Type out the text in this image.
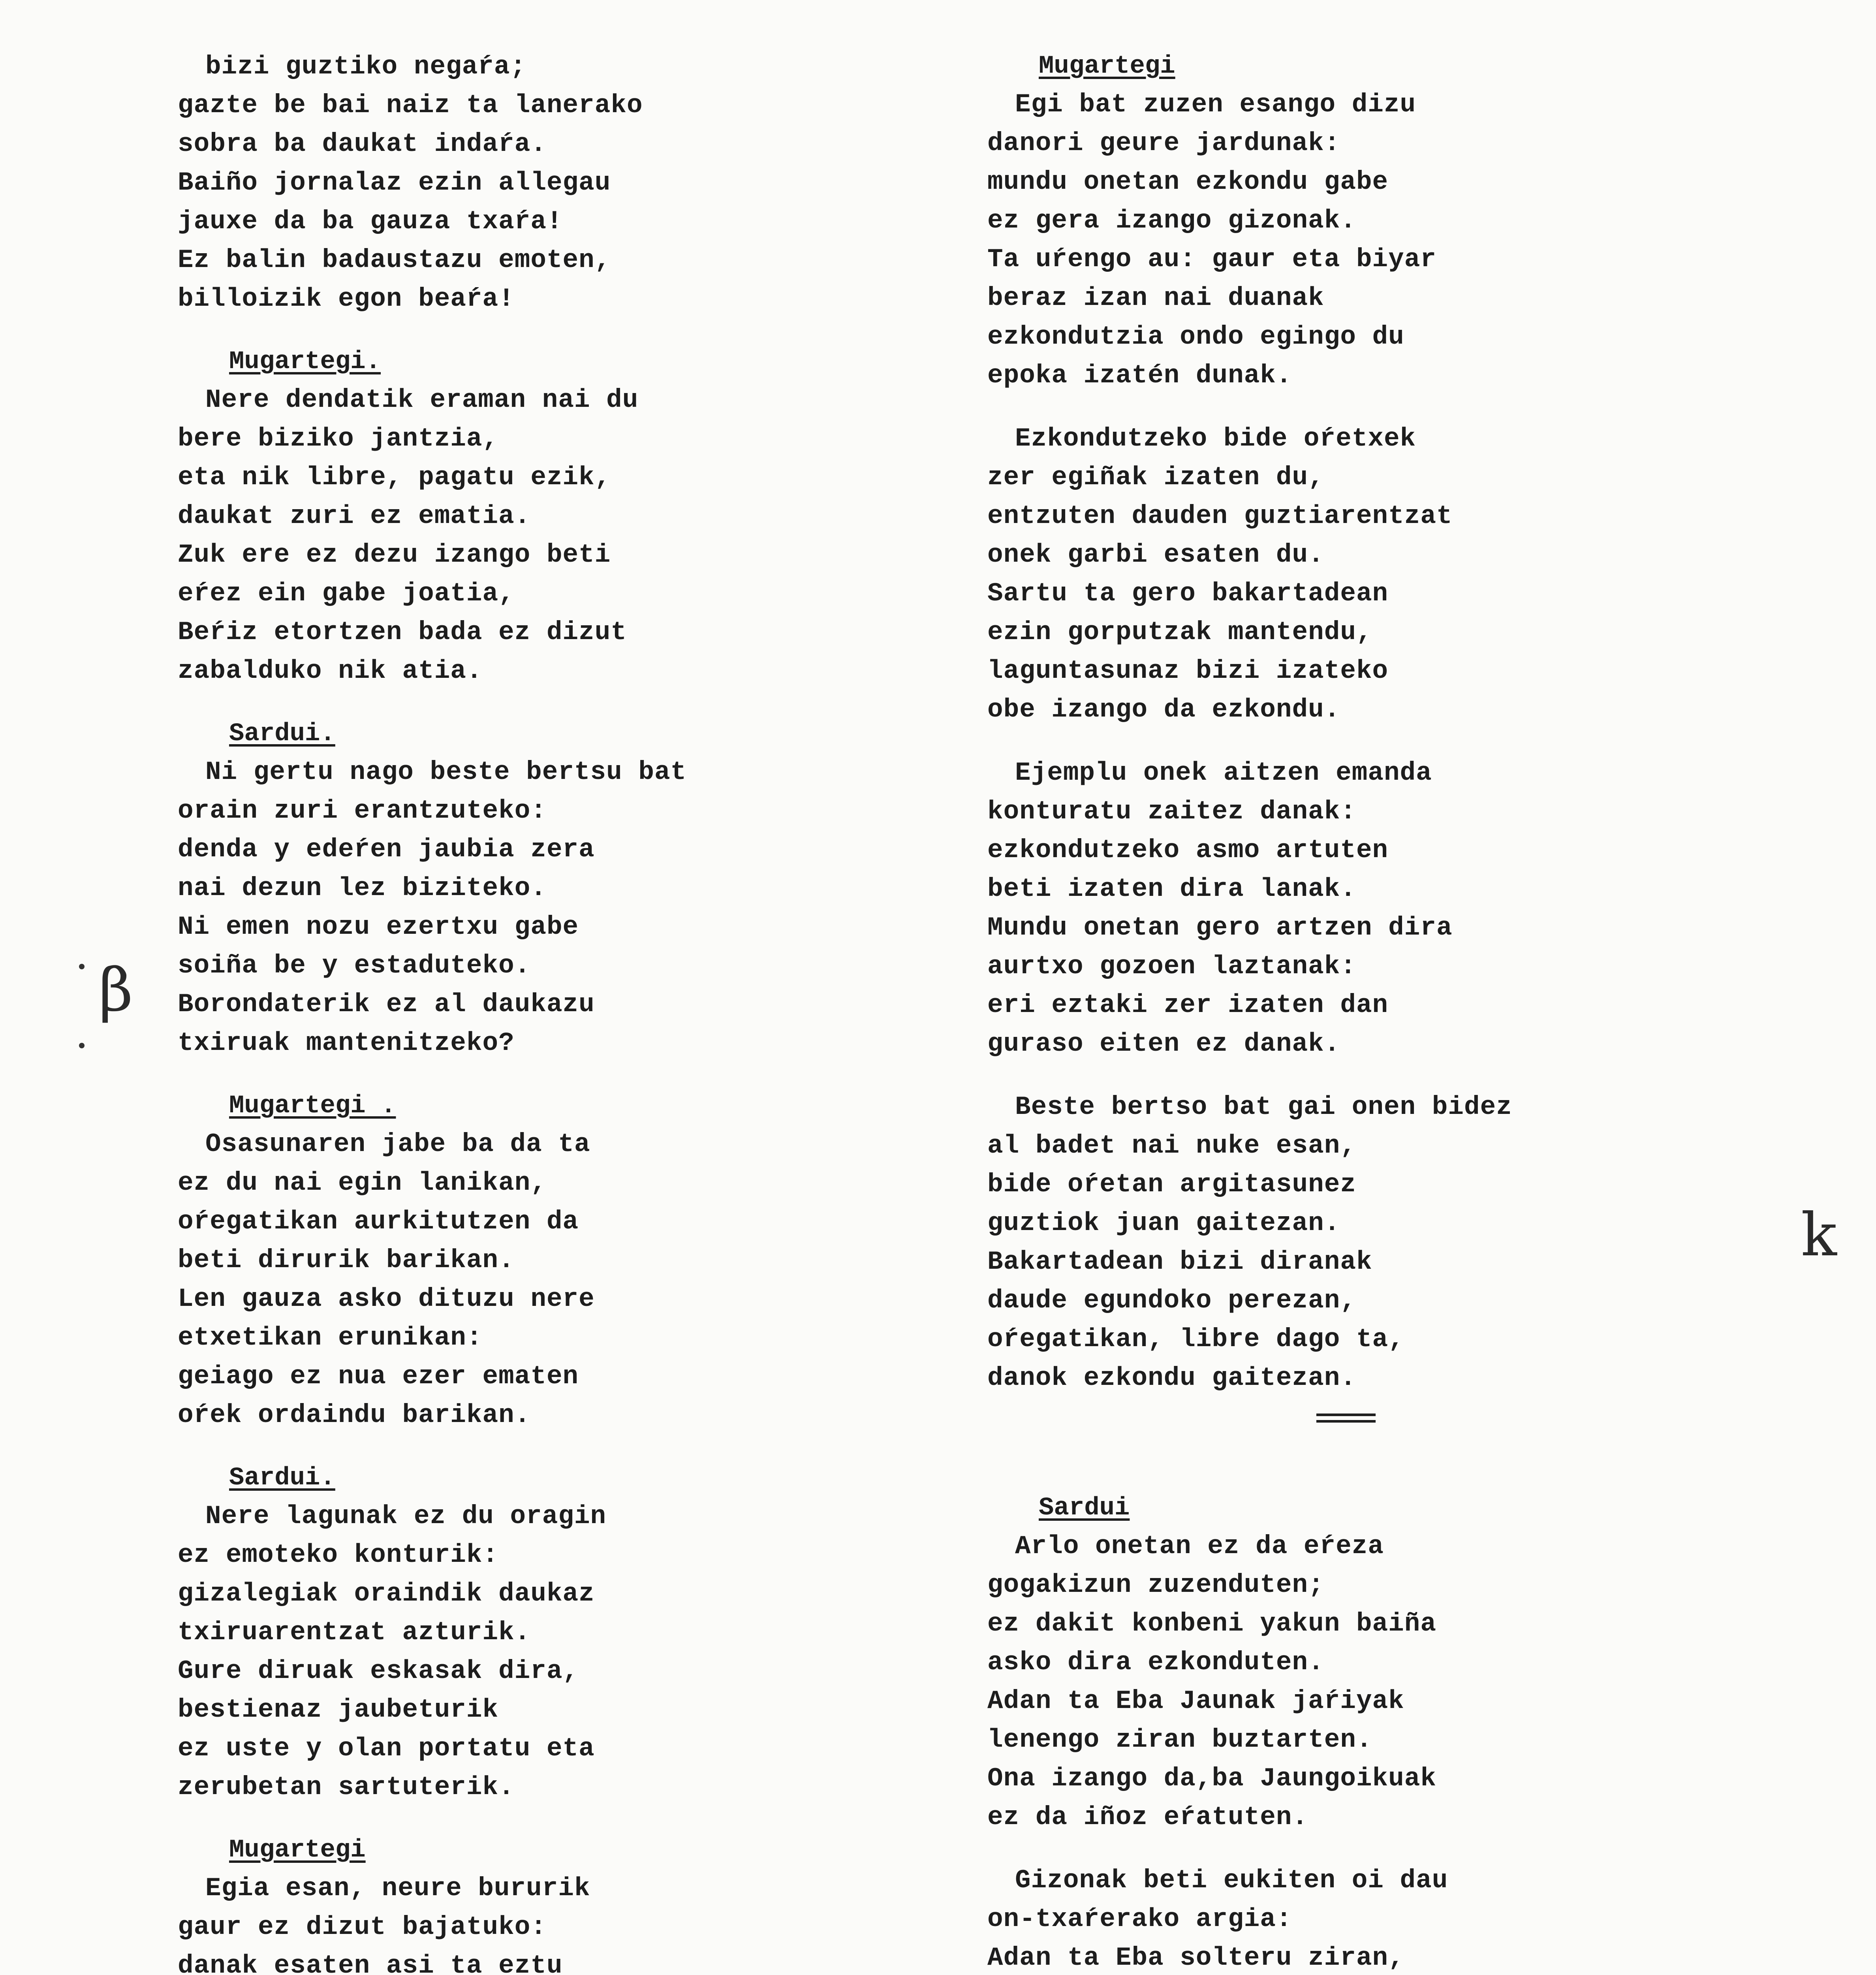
bizi guztiko negaŕa;
gazte be bai naiz ta lanerako
sobra ba daukat indaŕa.
Baiño jornalaz ezin allegau
jauxe da ba gauza txaŕa!
Ez balin badaustazu emoten,
billoizik egon beaŕa!
Mugartegi.
Nere dendatik eraman nai du
bere biziko jantzia,
eta nik libre, pagatu ezik,
daukat zuri ez ematia.
Zuk ere ez dezu izango beti
eŕez ein gabe joatia,
Beŕiz etortzen bada ez dizut
zabalduko nik atia.
Sardui.
Ni gertu nago beste bertsu bat
orain zuri erantzuteko:
denda y edeŕen jaubia zera
nai dezun lez biziteko.
Ni emen nozu ezertxu gabe
soiña be y estaduteko.
Borondaterik ez al daukazu
txiruak mantenitzeko?
Mugartegi .
Osasunaren jabe ba da ta
ez du nai egin lanikan,
oŕegatikan aurkitutzen da
beti dirurik barikan.
Len gauza asko dituzu nere
etxetikan erunikan:
geiago ez nua ezer ematen
oŕek ordaindu barikan.
Sardui.
Nere lagunak ez du oragin
ez emoteko konturik:
gizalegiak oraindik daukaz
txiruarentzat azturik.
Gure diruak eskasak dira,
bestienaz jaubeturik
ez uste y olan portatu eta
zerubetan sartuterik.
Mugartegi
Egia esan, neure bururik
gaur ez dizut bajatuko:
danak esaten asi ta eztu
Mugartegi
Egi bat zuzen esango dizu
danori geure jardunak:
mundu onetan ezkondu gabe
ez gera izango gizonak.
Ta uŕengo au: gaur eta biyar
beraz izan nai duanak
ezkondutzia ondo egingo du
epoka izatén dunak.
Ezkondutzeko bide oŕetxek
zer egiñak izaten du,
entzuten dauden guztiarentzat
onek garbi esaten du.
Sartu ta gero bakartadean
ezin gorputzak mantendu,
laguntasunaz bizi izateko
obe izango da ezkondu.
Ejemplu onek aitzen emanda
konturatu zaitez danak:
ezkondutzeko asmo artuten
beti izaten dira lanak.
Mundu onetan gero artzen dira
aurtxo gozoen laztanak:
eri eztaki zer izaten dan
guraso eiten ez danak.
Beste bertso bat gai onen bidez
al badet nai nuke esan,
bide oŕetan argitasunez
guztiok juan gaitezan.
Bakartadean bizi diranak
daude egundoko perezan,
oŕegatikan, libre dago ta,
danok ezkondu gaitezan.
=====
Sardui
Arlo onetan ez da eŕeza
gogakizun zuzenduten;
ez dakit konbeni yakun baiña
asko dira ezkonduten.
Adan ta Eba Jaunak jaŕiyak
lenengo ziran buztarten.
Ona izango da,ba Jaungoikuak
ez da iñoz eŕatuten.
Gizonak beti eukiten oi dau
on-txaŕerako argia:
Adan ta Eba solteru ziran,
β
k
